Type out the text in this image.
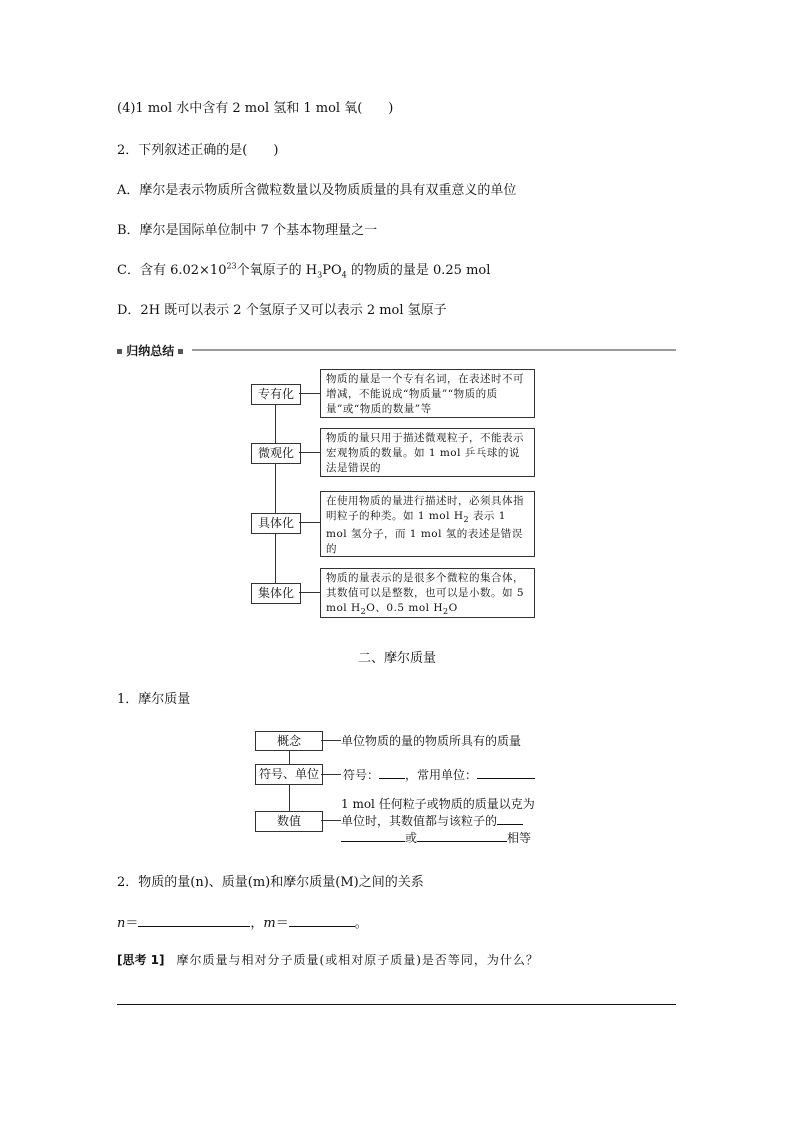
(4)1 mol 水中含有 2 mol 氢和 1 mol 氧(　　)
2．下列叙述正确的是(　　)
A．摩尔是表示物质所含微粒数量以及物质质量的具有双重意义的单位
B．摩尔是国际单位制中 7 个基本物理量之一
C．含有 $6.02\times 10^{23}$个氧原子的 $H_3PO_4$ 的物质的量是 0.25 mol
D．2H 既可以表示 2 个氢原子又可以表示 2 mol 氢原子
归纳总结
专有化
物质的量是一个专有名词，在表述时不可增减，不能说成“物质量”“物质的质量”或“物质的数量”等
微观化
物质的量只用于描述微观粒子，不能表示宏观物质的数量。如 1 mol 乒乓球的说法是错误的
具体化
在使用物质的量进行描述时，必须具体指明粒子的种类。如 1 mol $H_2$ 表示 1 mol 氢分子，而 1 mol 氢的表述是错误的
集体化
物质的量表示的是很多个微粒的集合体，其数值可以是整数，也可以是小数。如 5 mol $H_2O$、0.5 mol $H_2O$
二、摩尔质量
1．摩尔质量
概念	单位物质的量的物质所具有的质量
符号、单位	符号： ，常用单位：
数值
1 mol 任何粒子或物质的质量以克为
单位时，其数值都与该粒子的
或	相等
2．物质的量(n)、质量(m)和摩尔质量(M)之间的关系
n＝	，m＝	。
[思考 1]　 摩尔质量与相对分子质量(或相对原子质量)是否等同，为什么？
